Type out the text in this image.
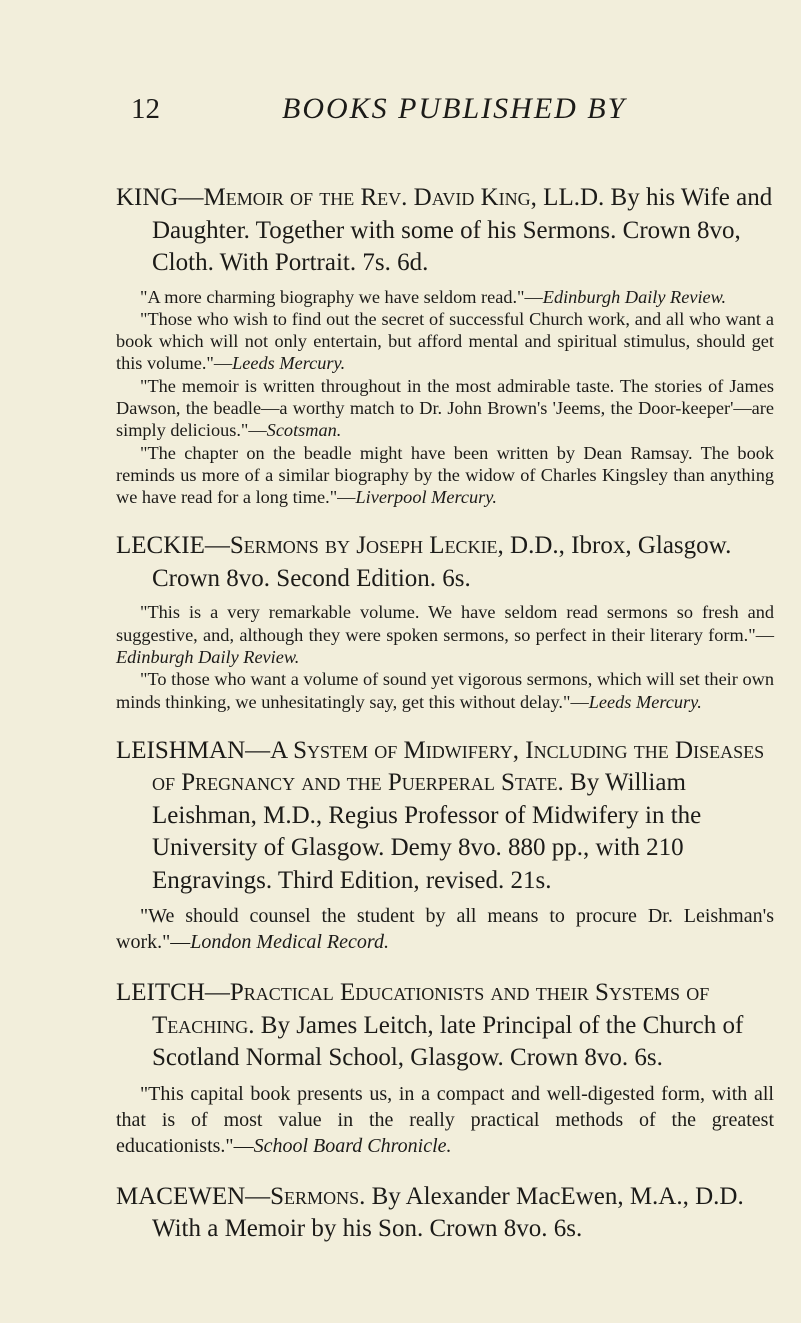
12	BOOKS PUBLISHED BY

KING—Memoir of the Rev. David King, LL.D. By his Wife and Daughter. Together with some of his Sermons. Crown 8vo, Cloth. With Portrait. 7s. 6d.

"A more charming biography we have seldom read."—Edinburgh Daily Review.

"Those who wish to find out the secret of successful Church work, and all who want a book which will not only entertain, but afford mental and spiritual stimulus, should get this volume."—Leeds Mercury.

"The memoir is written throughout in the most admirable taste. The stories of James Dawson, the beadle—a worthy match to Dr. John Brown's 'Jeems, the Door-keeper'—are simply delicious."—Scotsman.

"The chapter on the beadle might have been written by Dean Ramsay. The book reminds us more of a similar biography by the widow of Charles Kingsley than anything we have read for a long time."—Liverpool Mercury.

LECKIE—Sermons by Joseph Leckie, D.D., Ibrox, Glasgow. Crown 8vo. Second Edition. 6s.

"This is a very remarkable volume. We have seldom read sermons so fresh and suggestive, and, although they were spoken sermons, so perfect in their literary form."—Edinburgh Daily Review.

"To those who want a volume of sound yet vigorous sermons, which will set their own minds thinking, we unhesitatingly say, get this without delay."—Leeds Mercury.

LEISHMAN—A System of Midwifery, Including the Diseases of Pregnancy and the Puerperal State. By William Leishman, M.D., Regius Professor of Midwifery in the University of Glasgow. Demy 8vo. 880 pp., with 210 Engravings. Third Edition, revised. 21s.

"We should counsel the student by all means to procure Dr. Leishman's work."—London Medical Record.

LEITCH—Practical Educationists and their Systems of Teaching. By James Leitch, late Principal of the Church of Scotland Normal School, Glasgow. Crown 8vo. 6s.

"This capital book presents us, in a compact and well-digested form, with all that is of most value in the really practical methods of the greatest educationists."—School Board Chronicle.

MACEWEN—Sermons. By Alexander MacEwen, M.A., D.D. With a Memoir by his Son. Crown 8vo. 6s.
